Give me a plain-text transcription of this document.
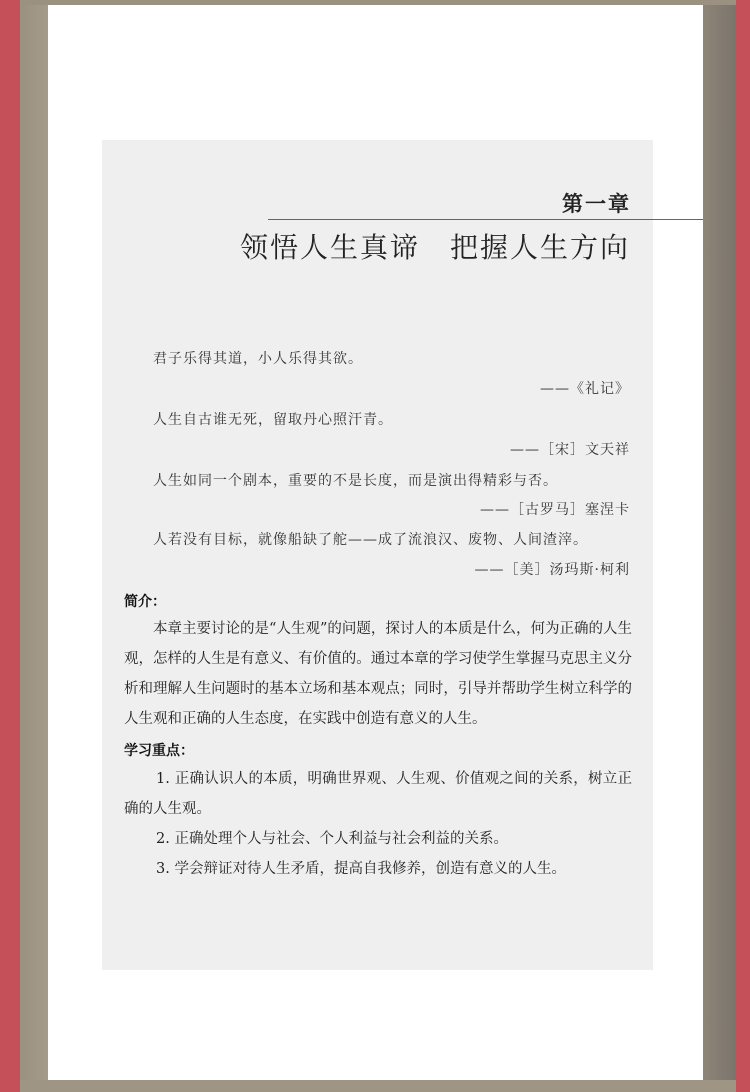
第一章
领悟人生真谛　把握人生方向
君子乐得其道，小人乐得其欲。
——《礼记》
人生自古谁无死，留取丹心照汗青。
——［宋］文天祥
人生如同一个剧本，重要的不是长度，而是演出得精彩与否。
——［古罗马］塞涅卡
人若没有目标，就像船缺了舵——成了流浪汉、废物、人间渣滓。
——［美］汤玛斯·柯利
简介：
本章主要讨论的是“人生观”的问题，探讨人的本质是什么，何为正确的人生观，怎样的人生是有意义、有价值的。通过本章的学习使学生掌握马克思主义分析和理解人生问题时的基本立场和基本观点；同时，引导并帮助学生树立科学的人生观和正确的人生态度，在实践中创造有意义的人生。
学习重点：
1. 正确认识人的本质，明确世界观、人生观、价值观之间的关系，树立正确的人生观。
2. 正确处理个人与社会、个人利益与社会利益的关系。
3. 学会辩证对待人生矛盾，提高自我修养，创造有意义的人生。
